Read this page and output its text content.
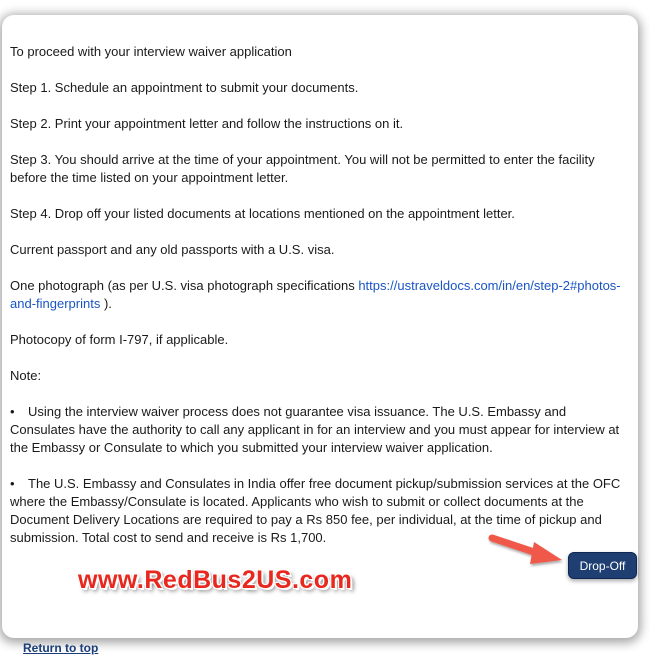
To proceed with your interview waiver application

Step 1. Schedule an appointment to submit your documents.

Step 2. Print your appointment letter and follow the instructions on it.

Step 3. You should arrive at the time of your appointment. You will not be permitted to enter the facility before the time listed on your appointment letter.

Step 4. Drop off your listed documents at locations mentioned on the appointment letter.

Current passport and any old passports with a U.S. visa.

One photograph (as per U.S. visa photograph specifications https://ustraveldocs.com/in/en/step-2#photos-and-fingerprints ).

Photocopy of form I-797, if applicable.

Note:

• Using the interview waiver process does not guarantee visa issuance. The U.S. Embassy and Consulates have the authority to call any applicant in for an interview and you must appear for interview at the Embassy or Consulate to which you submitted your interview waiver application.

• The U.S. Embassy and Consulates in India offer free document pickup/submission services at the OFC where the Embassy/Consulate is located. Applicants who wish to submit or collect documents at the Document Delivery Locations are required to pay a Rs 850 fee, per individual, at the time of pickup and submission. Total cost to send and receive is Rs 1,700.

Drop-Off
www.RedBus2US.com
Return to top
